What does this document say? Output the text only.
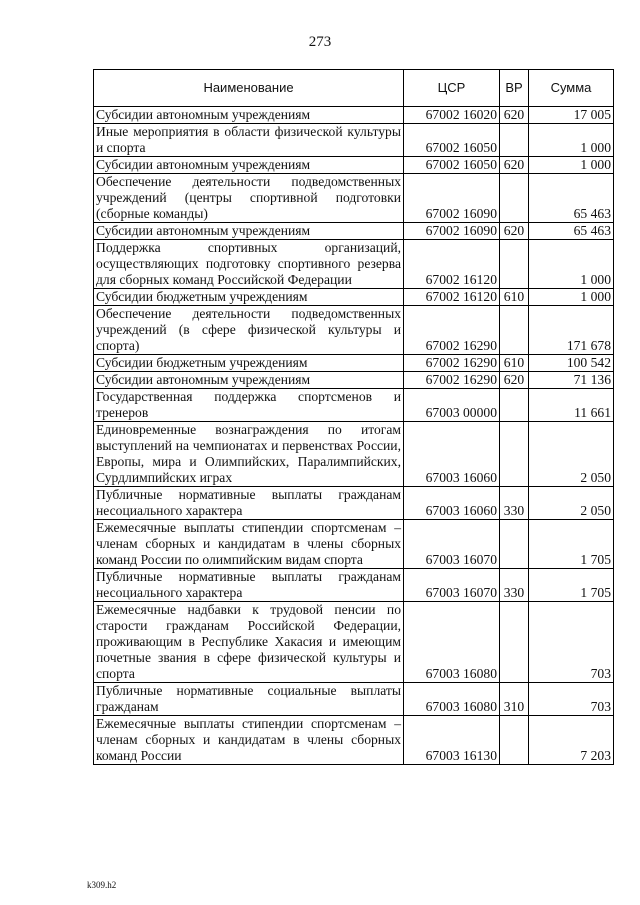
273
Наименование	ЦСР	ВР	Сумма
Субсидии автономным учреждениям	67002 16020	620	17 005
Иные мероприятия в области физической культуры и спорта	67002 16050		1 000
Субсидии автономным учреждениям	67002 16050	620	1 000
Обеспечение деятельности подведомственных учреждений (центры спортивной подготовки (сборные команды)	67002 16090		65 463
Субсидии автономным учреждениям	67002 16090	620	65 463
Поддержка спортивных организаций, осуществляющих подготовку спортивного резерва для сборных команд Российской Федерации	67002 16120		1 000
Субсидии бюджетным учреждениям	67002 16120	610	1 000
Обеспечение деятельности подведомственных учреждений (в сфере физической культуры и спорта)	67002 16290		171 678
Субсидии бюджетным учреждениям	67002 16290	610	100 542
Субсидии автономным учреждениям	67002 16290	620	71 136
Государственная поддержка спортсменов и тренеров	67003 00000		11 661
Единовременные вознаграждения по итогам выступлений на чемпионатах и первенствах России, Европы, мира и Олимпийских, Паралимпийских, Сурдлимпийских играх	67003 16060		2 050
Публичные нормативные выплаты гражданам несоциального характера	67003 16060	330	2 050
Ежемесячные выплаты стипендии спортсменам – членам сборных и кандидатам в члены сборных команд России по олимпийским видам спорта	67003 16070		1 705
Публичные нормативные выплаты гражданам несоциального характера	67003 16070	330	1 705
Ежемесячные надбавки к трудовой пенсии по старости гражданам Российской Федерации, проживающим в Республике Хакасия и имеющим почетные звания в сфере физической культуры и спорта	67003 16080		703
Публичные нормативные социальные выплаты гражданам	67003 16080	310	703
Ежемесячные выплаты стипендии спортсменам – членам сборных и кандидатам в члены сборных команд России	67003 16130		7 203
k309.h2
